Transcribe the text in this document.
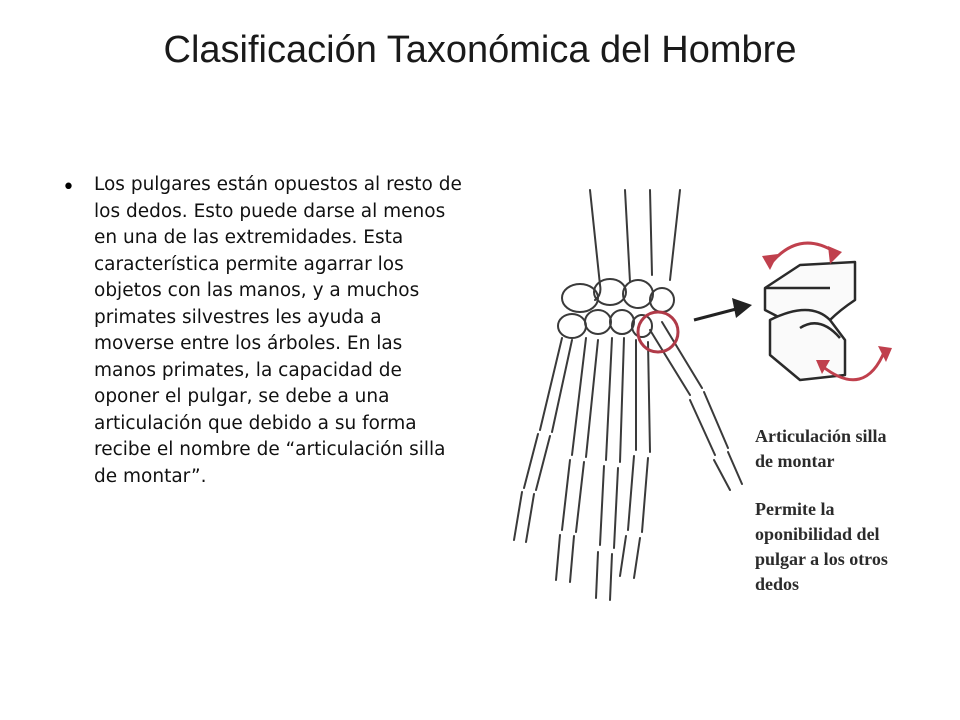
Clasificación Taxonómica del Hombre
• Los pulgares están opuestos al resto de los dedos. Esto puede darse al menos en una de las extremidades. Esta característica permite agarrar los objetos con las manos, y a muchos primates silvestres les ayuda a moverse entre los árboles. En las manos primates, la capacidad de oponer el pulgar, se debe a una articulación que debido a su forma recibe el nombre de “articulación silla de montar”.
Articulación silla
de montar
Permite la
oponibilidad del
pulgar a los otros
dedos
